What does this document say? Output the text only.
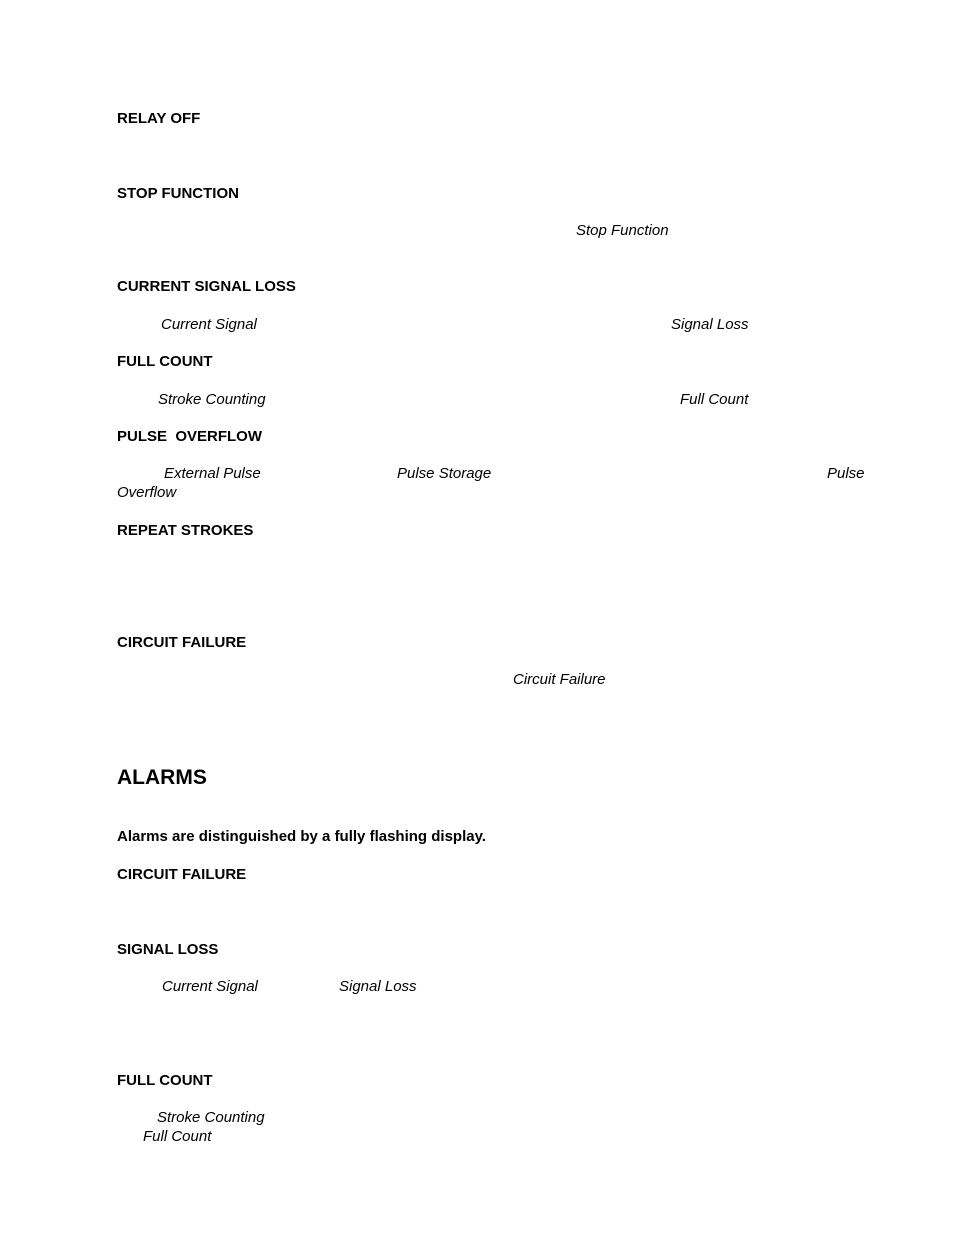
RELAY OFF
STOP FUNCTION
Stop Function
CURRENT SIGNAL LOSS
Current Signal	Signal Loss
FULL COUNT
Stroke Counting	Full Count
PULSE  OVERFLOW
External Pulse	Pulse Storage	Pulse
Overflow
REPEAT STROKES
CIRCUIT FAILURE
Circuit Failure
ALARMS
Alarms are distinguished by a fully flashing display.
CIRCUIT FAILURE
SIGNAL LOSS
Current Signal	Signal Loss
FULL COUNT
Stroke Counting
Full Count
